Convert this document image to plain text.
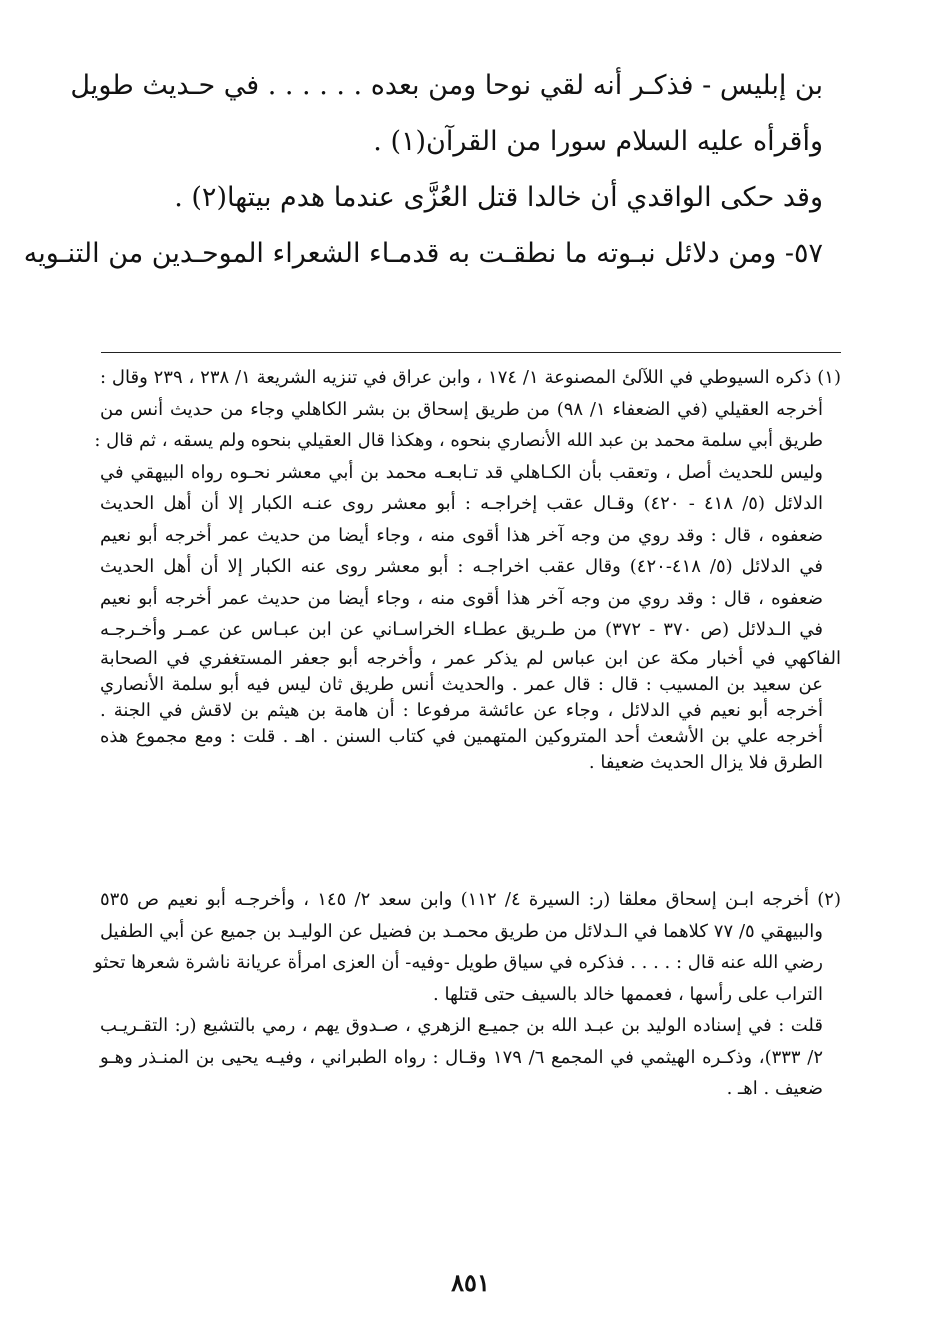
بن إبليس - فذكـر أنه لقي نوحا ومن بعده . . . . . . في حـديث طويل
وأقرأه عليه السلام سورا من القرآن(١) .
وقد حكى الواقدي أن خالدا قتل العُزَّى عندما هدم بيتها(٢) .
٥٧- ومن دلائل نبـوته ما نطقـت به قدمـاء الشعراء الموحـدين من التنـويه
(١) ذكره السيوطي في اللآلئ المصنوعة ١/ ١٧٤ ، وابن عراق في تنزيه الشريعة ١/ ٢٣٨ ، ٢٣٩ وقال :
أخرجه العقيلي (في الضعفاء ١/ ٩٨) من طريق إسحاق بن بشر الكاهلي وجاء من حديث أنس من
طريق أبي سلمة محمد بن عبد الله الأنصاري بنحوه ، وهكذا قال العقيلي بنحوه ولم يسقه ، ثم قال :
وليس للحديث أصل ، وتعقب بأن الكـاهلي قد تـابعـه محمد بن أبي معشر نحـوه رواه البيهقي في
الدلائل (٥/ ٤١٨ - ٤٢٠) وقـال عقب إخراجـه : أبو معشر روى عنـه الكبار إلا أن أهل الحديث
ضعفوه ، قال : وقد روي من وجه آخر هذا أقوى منه ، وجاء أيضا من حديث عمر أخرجه أبو نعيم
في الدلائل (٥/ ٤١٨-٤٢٠) وقال عقب اخراجـه : أبو معشر روى عنه الكبار إلا أن أهل الحديث
ضعفوه ، قال : وقد روي من وجه آخر هذا أقوى منه ، وجاء أيضا من حديث عمر أخرجه أبو نعيم
في الـدلائل (ص ٣٧٠ - ٣٧٢) من طـريق عطـاء الخراسـاني عن ابن عبـاس عن عمـر وأخـرجـه
الفاكهي في أخبار مكة عن ابن عباس لم يذكر عمر ، وأخرجه أبو جعفر المستغفري في الصحابة
عن سعيد بن المسيب : قال : قال عمر . والحديث أنس طريق ثان ليس فيه أبو سلمة الأنصاري
أخرجه أبو نعيم في الدلائل ، وجاء عن عائشة مرفوعا : أن هامة بن هيثم بن لاقش في الجنة .
أخرجه علي بن الأشعث أحد المتروكين المتهمين في كتاب السنن . اهـ . قلت : ومع مجموع هذه
الطرق فلا يزال الحديث ضعيفا .
(٢) أخرجه ابـن إسحاق معلقا (ر: السيرة ٤/ ١١٢) وابن سعد ٢/ ١٤٥ ، وأخرجـه أبو نعيم ص ٥٣٥
والبيهقي ٥/ ٧٧ كلاهما في الـدلائل من طريق محمـد بن فضيل عن الوليـد بن جميع عن أبي الطفيل
رضي الله عنه قال : . . . . فذكره في سياق طويل -وفيه- أن العزى امرأة عريانة ناشرة شعرها تحثو
التراب على رأسها ، فعممها خالد بالسيف حتى قتلها .
قلت : في إسناده الوليد بن عبـد الله بن جميـع الزهري ، صـدوق يهم ، رمي بالتشيع (ر: التقـريـب
٢/ ٣٣٣)، وذكـره الهيثمي في المجمع ٦/ ١٧٩ وقـال : رواه الطبراني ، وفيـه يحيى بن المنـذر وهـو
ضعيف . اهـ .
٨٥١
